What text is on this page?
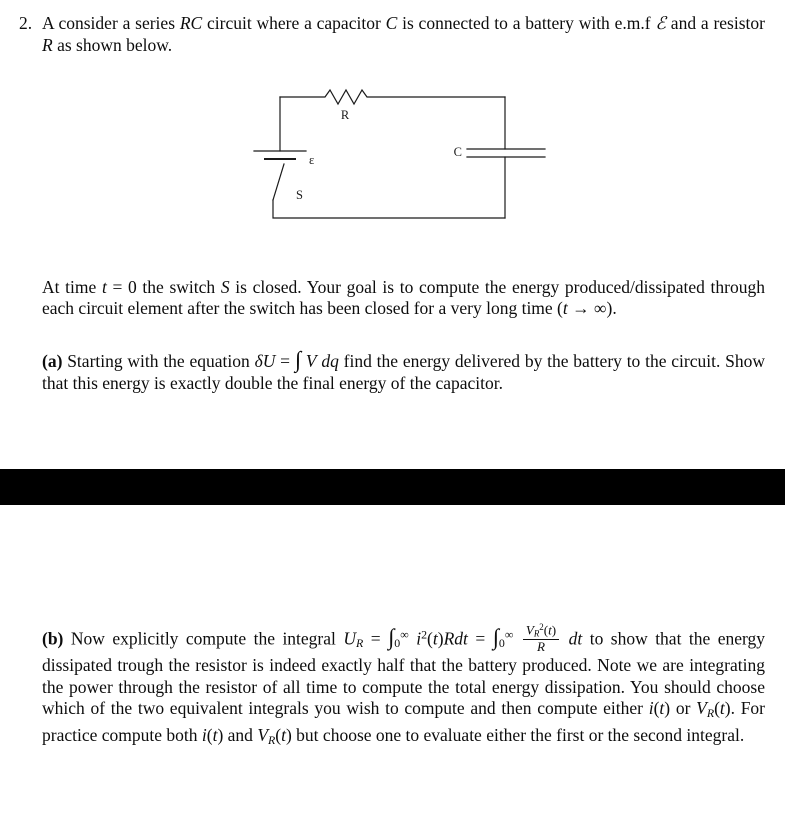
2. A consider a series RC circuit where a capacitor C is connected to a battery with e.m.f ℰ and a resistor R as shown below.

R
C
ε
S

At time t = 0 the switch S is closed. Your goal is to compute the energy produced/dissipated through each circuit element after the switch has been closed for a very long time (t → ∞).

(a) Starting with the equation δU = ∫ V dq find the energy delivered by the battery to the circuit. Show that this energy is exactly double the final energy of the capacitor.

(b) Now explicitly compute the integral UR = ∫0∞ $i^2(t)Rdt = \int 0^\infty \frac{VR^2(t)}{R}$ dt to show that the energy dissipated trough the resistor is indeed exactly half that the battery produced. Note we are integrating the power through the resistor of all time to compute the total energy dissipation. You should choose which of the two equivalent integrals you wish to compute and then compute either i(t) or VR(t). For practice compute both i(t) and VR(t) but choose one to evaluate either the first or the second integral.
